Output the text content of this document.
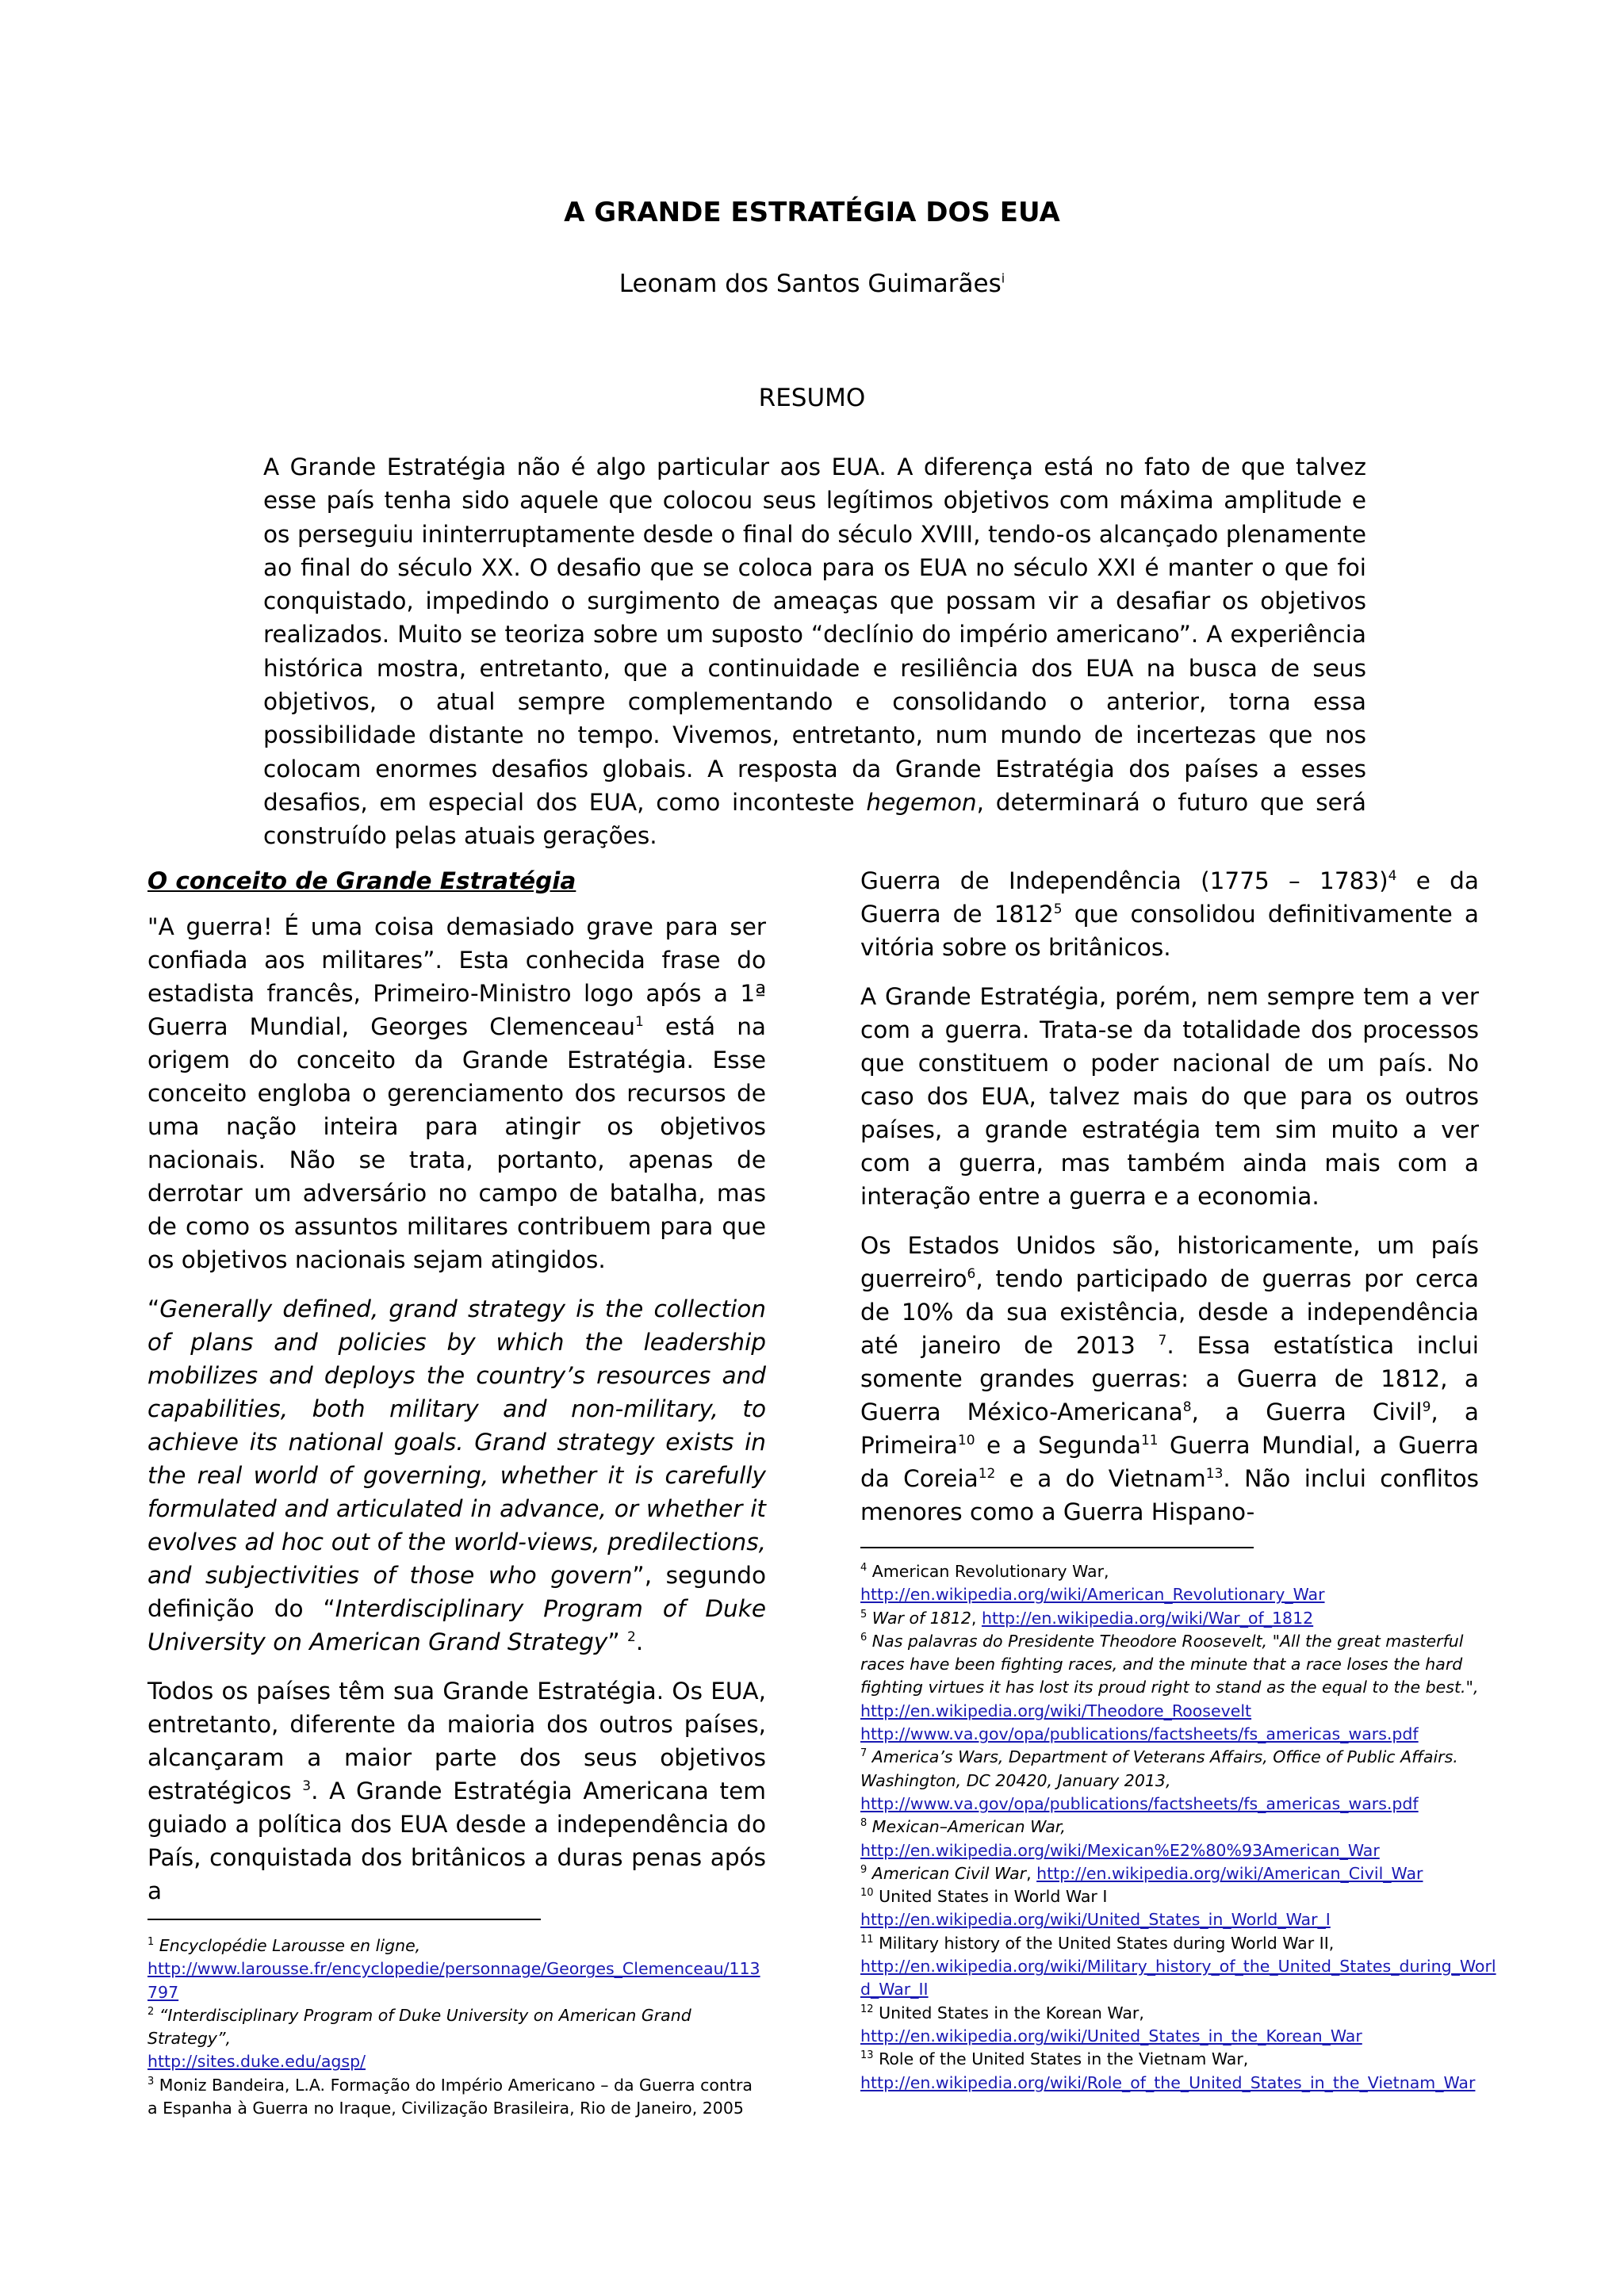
A GRANDE ESTRATÉGIA DOS EUA
Leonam dos Santos Guimarães$^i$
RESUMO
A Grande Estratégia não é algo particular aos EUA. A diferença está no fato de que talvez esse país tenha sido aquele que colocou seus legítimos objetivos com máxima amplitude e os perseguiu ininterruptamente desde o final do século XVIII, tendo-os alcançado plenamente ao final do século XX. O desafio que se coloca para os EUA no século XXI é manter o que foi conquistado, impedindo o surgimento de ameaças que possam vir a desafiar os objetivos realizados. Muito se teoriza sobre um suposto “declínio do império americano”. A experiência histórica mostra, entretanto, que a continuidade e resiliência dos EUA na busca de seus objetivos, o atual sempre complementando e consolidando o anterior, torna essa possibilidade distante no tempo. Vivemos, entretanto, num mundo de incertezas que nos colocam enormes desafios globais. A resposta da Grande Estratégia dos países a esses desafios, em especial dos EUA, como inconteste hegemon, determinará o futuro que será construído pelas atuais gerações.
O conceito de Grande Estratégia

"A guerra! É uma coisa demasiado grave para ser confiada aos militares”. Esta conhecida frase do estadista francês, Primeiro-Ministro logo após a 1ª Guerra Mundial, Georges Clemenceau$^1$ está na origem do conceito da Grande Estratégia. Esse conceito engloba o gerenciamento dos recursos de uma nação inteira para atingir os objetivos nacionais. Não se trata, portanto, apenas de derrotar um adversário no campo de batalha, mas de como os assuntos militares contribuem para que os objetivos nacionais sejam atingidos.

“Generally defined, grand strategy is the collection of plans and policies by which the leadership mobilizes and deploys the country’s resources and capabilities, both military and non-military, to achieve its national goals. Grand strategy exists in the real world of governing, whether it is carefully formulated and articulated in advance, or whether it evolves ad hoc out of the world-views, predilections, and subjectivities of those who govern”, segundo definição do “Interdisciplinary Program of Duke University on American Grand Strategy” $^2$.

Todos os países têm sua Grande Estratégia. Os EUA, entretanto, diferente da maioria dos outros países, alcançaram a maior parte dos seus objetivos estratégicos $^3$. A Grande Estratégia Americana tem guiado a política dos EUA desde a independência do País, conquistada dos britânicos a duras penas após a

Guerra de Independência (1775 – 1783)$^4$ e da Guerra de 1812$^5$ que consolidou definitivamente a vitória sobre os britânicos.

A Grande Estratégia, porém, nem sempre tem a ver com a guerra. Trata-se da totalidade dos processos que constituem o poder nacional de um país. No caso dos EUA, talvez mais do que para os outros países, a grande estratégia tem sim muito a ver com a guerra, mas também ainda mais com a interação entre a guerra e a economia.

Os Estados Unidos são, historicamente, um país guerreiro$^6$, tendo participado de guerras por cerca de 10% da sua existência, desde a independência até janeiro de 2013 $^7$. Essa estatística inclui somente grandes guerras: a Guerra de 1812, a Guerra México-Americana$^8$, a Guerra Civil$^9$, a Primeira$^{10}$ e a Segunda$^{11}$ Guerra Mundial, a Guerra da Coreia$^{12}$ e a do Vietnam$^{13}$. Não inclui conflitos menores como a Guerra Hispano-

$^1$ Encyclopédie Larousse en ligne,
http://www.larousse.fr/encyclopedie/personnage/Georges_Clemenceau/113797
$^2$ “Interdisciplinary Program of Duke University on American Grand Strategy”,
http://sites.duke.edu/agsp/
$^3$ Moniz Bandeira, L.A. Formação do Império Americano – da Guerra contra a Espanha à Guerra no Iraque, Civilização Brasileira, Rio de Janeiro, 2005
$^4$ American Revolutionary War,
http://en.wikipedia.org/wiki/American_Revolutionary_War
$^5$ War of 1812, http://en.wikipedia.org/wiki/War_of_1812
$^6$ Nas palavras do Presidente Theodore Roosevelt, "All the great masterful races have been fighting races, and the minute that a race loses the hard fighting virtues it has lost its proud right to stand as the equal to the best.",
http://en.wikipedia.org/wiki/Theodore_Roosevelt
http://www.va.gov/opa/publications/factsheets/fs_americas_wars.pdf
$^7$ America’s Wars, Department of Veterans Affairs, Office of Public Affairs. Washington, DC 20420, January 2013,
http://www.va.gov/opa/publications/factsheets/fs_americas_wars.pdf
$^8$ Mexican–American War,
http://en.wikipedia.org/wiki/Mexican%E2%80%93American_War
$^9$ American Civil War, http://en.wikipedia.org/wiki/American_Civil_War
$^{10}$ United States in World War I
http://en.wikipedia.org/wiki/United_States_in_World_War_I
$^{11}$ Military history of the United States during World War II,
http://en.wikipedia.org/wiki/Military_history_of_the_United_States_during_World_War_II
$^{12}$ United States in the Korean War,
http://en.wikipedia.org/wiki/United_States_in_the_Korean_War
$^{13}$ Role of the United States in the Vietnam War,
http://en.wikipedia.org/wiki/Role_of_the_United_States_in_the_Vietnam_War
